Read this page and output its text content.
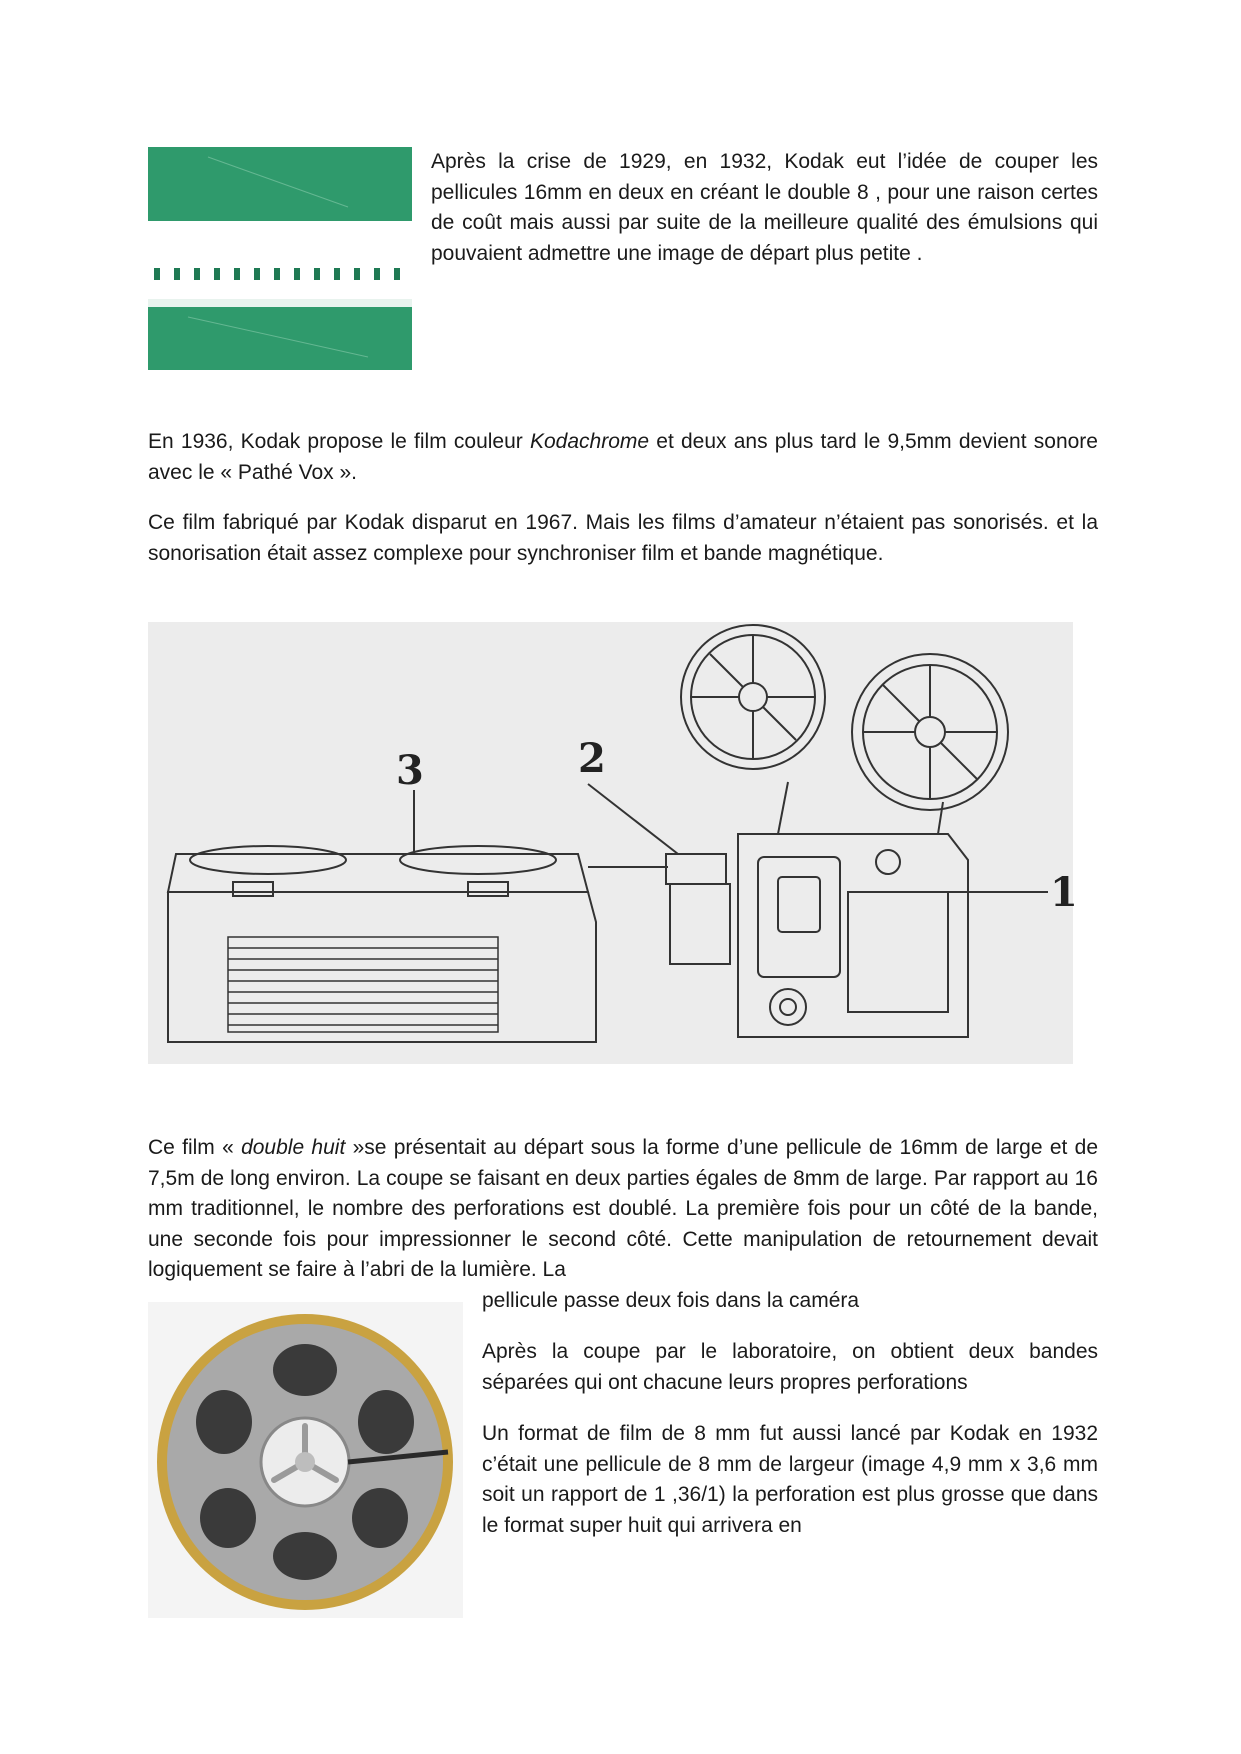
Après la crise de 1929, en 1932, Kodak eut l’idée de couper les pellicules 16mm en deux en créant le double 8 , pour une raison certes de coût mais aussi par suite de la meilleure qualité des émulsions qui pouvaient admettre une image de départ plus petite .

En 1936, Kodak propose le film couleur Kodachrome et deux ans plus tard le 9,5mm devient sonore avec le « Pathé Vox ».

Ce film fabriqué par Kodak disparut en 1967. Mais les films d’amateur n’étaient pas sonorisés. et la sonorisation était assez complexe pour synchroniser film et bande magnétique.

3	2
1

Ce film « double huit »se présentait au départ sous la forme d’une pellicule de 16mm de large et de 7,5m de long environ. La coupe se faisant en deux parties égales de 8mm de large. Par rapport au 16 mm traditionnel, le nombre des perforations est doublé. La première fois pour un côté de la bande, une seconde fois pour impressionner le second côté. Cette manipulation de retournement devait logiquement se faire à l’abri de la lumière. La

pellicule passe deux fois dans la caméra

Après la coupe par le laboratoire, on obtient deux bandes séparées qui ont chacune leurs propres perforations

Un format de film de 8 mm fut aussi lancé par Kodak en 1932 c’était une pellicule de 8 mm de largeur (image 4,9 mm x 3,6 mm soit un rapport de 1 ,36/1) la perforation est plus grosse que dans le format super huit qui arrivera en
